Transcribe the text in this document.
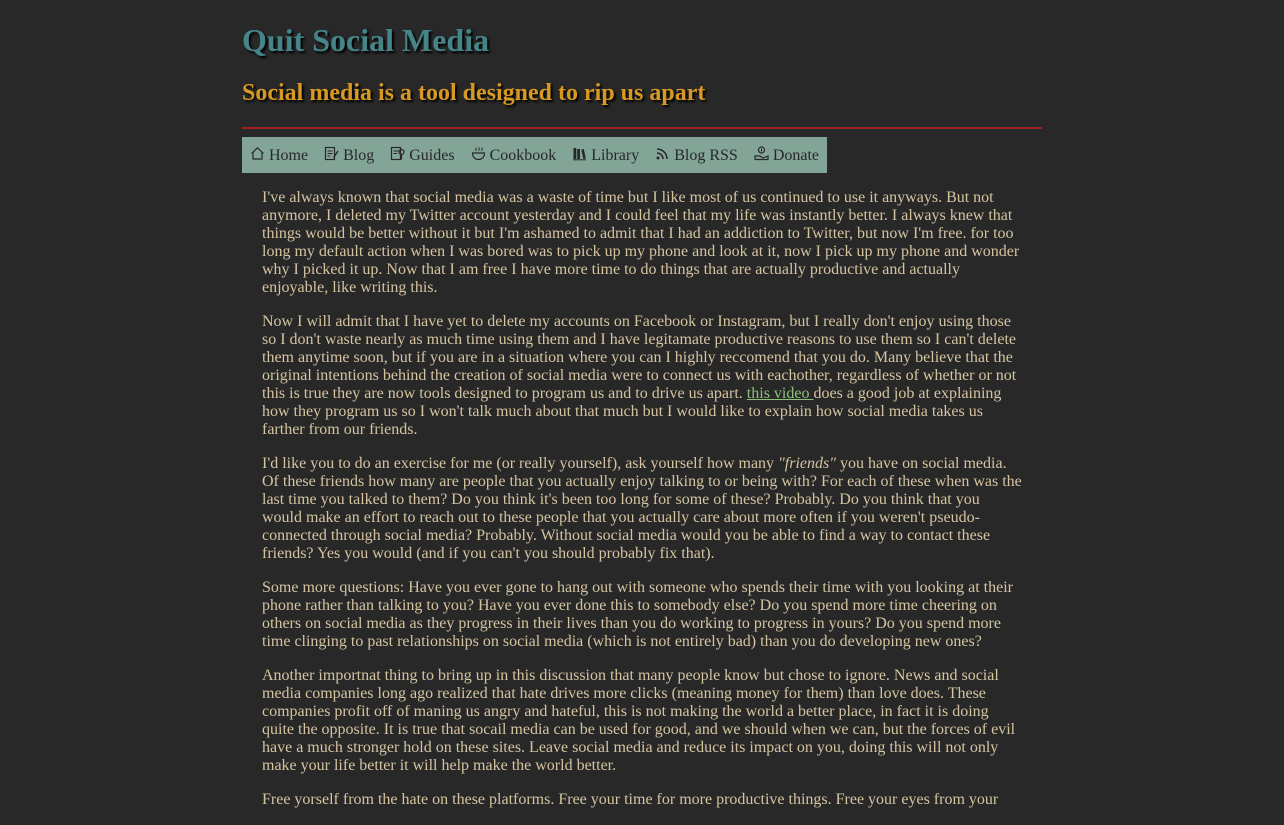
Quit Social Media
Social media is a tool designed to rip us apart
Home Blog Guides Cookbook Library Blog RSS Donate

I've always known that social media was a waste of time but I like most of us continued to use it anyways. But not anymore, I deleted my Twitter account yesterday and I could feel that my life was instantly better. I always knew that things would be better without it but I'm ashamed to admit that I had an addiction to Twitter, but now I'm free. for too long my default action when I was bored was to pick up my phone and look at it, now I pick up my phone and wonder why I picked it up. Now that I am free I have more time to do things that are actually productive and actually enjoyable, like writing this.

Now I will admit that I have yet to delete my accounts on Facebook or Instagram, but I really don't enjoy using those so I don't waste nearly as much time using them and I have legitamate productive reasons to use them so I can't delete them anytime soon, but if you are in a situation where you can I highly reccomend that you do. Many believe that the original intentions behind the creation of social media were to connect us with eachother, regardless of whether or not this is true they are now tools designed to program us and to drive us apart. this video does a good job at explaining how they program us so I won't talk much about that much but I would like to explain how social media takes us farther from our friends.

I'd like you to do an exercise for me (or really yourself), ask yourself how many "friends" you have on social media. Of these friends how many are people that you actually enjoy talking to or being with? For each of these when was the last time you talked to them? Do you think it's been too long for some of these? Probably. Do you think that you would make an effort to reach out to these people that you actually care about more often if you weren't pseudo-connected through social media? Probably. Without social media would you be able to find a way to contact these friends? Yes you would (and if you can't you should probably fix that).

Some more questions: Have you ever gone to hang out with someone who spends their time with you looking at their phone rather than talking to you? Have you ever done this to somebody else? Do you spend more time cheering on others on social media as they progress in their lives than you do working to progress in yours? Do you spend more time clinging to past relationships on social media (which is not entirely bad) than you do developing new ones?

Another importnat thing to bring up in this discussion that many people know but chose to ignore. News and social media companies long ago realized that hate drives more clicks (meaning money for them) than love does. These companies profit off of maning us angry and hateful, this is not making the world a better place, in fact it is doing quite the opposite. It is true that socail media can be used for good, and we should when we can, but the forces of evil have a much stronger hold on these sites. Leave social media and reduce its impact on you, doing this will not only make your life better it will help make the world better.

Free yorself from the hate on these platforms. Free your time for more productive things. Free your eyes from your
